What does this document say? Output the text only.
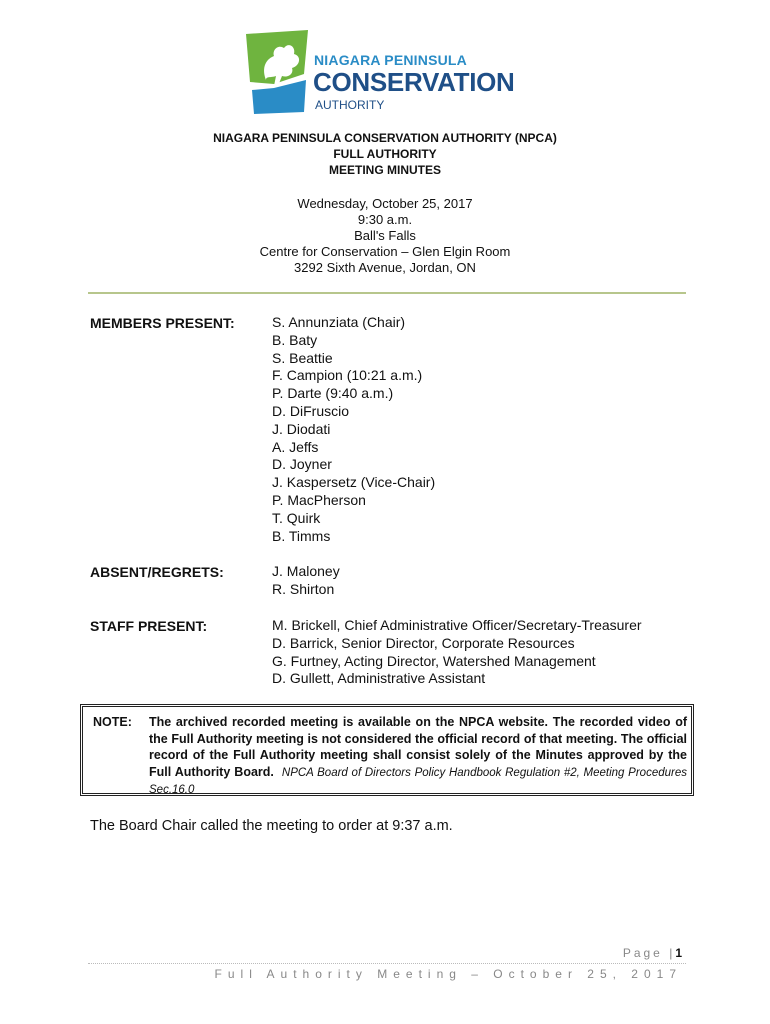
NIAGARA PENINSULA
CONSERVATION
AUTHORITY
NIAGARA PENINSULA CONSERVATION AUTHORITY (NPCA)
FULL AUTHORITY
MEETING MINUTES
Wednesday, October 25, 2017
9:30 a.m.
Ball's Falls
Centre for Conservation – Glen Elgin Room
3292 Sixth Avenue, Jordan, ON
MEMBERS PRESENT:	S. Annunziata (Chair)
B. Baty
S. Beattie
F. Campion (10:21 a.m.)
P. Darte (9:40 a.m.)
D. DiFruscio
J. Diodati
A. Jeffs
D. Joyner
J. Kaspersetz (Vice-Chair)
P. MacPherson
T. Quirk
B. Timms
ABSENT/REGRETS:	J. Maloney
R. Shirton
STAFF PRESENT:	M. Brickell, Chief Administrative Officer/Secretary-Treasurer
D. Barrick, Senior Director, Corporate Resources
G. Furtney, Acting Director, Watershed Management
D. Gullett, Administrative Assistant
NOTE: The archived recorded meeting is available on the NPCA website. The recorded video of the Full Authority meeting is not considered the official record of that meeting. The official record of the Full Authority meeting shall consist solely of the Minutes approved by the Full Authority Board. NPCA Board of Directors Policy Handbook Regulation #2, Meeting Procedures Sec.16.0
The Board Chair called the meeting to order at 9:37 a.m.
Page |1
Full Authority Meeting – October 25, 2017
